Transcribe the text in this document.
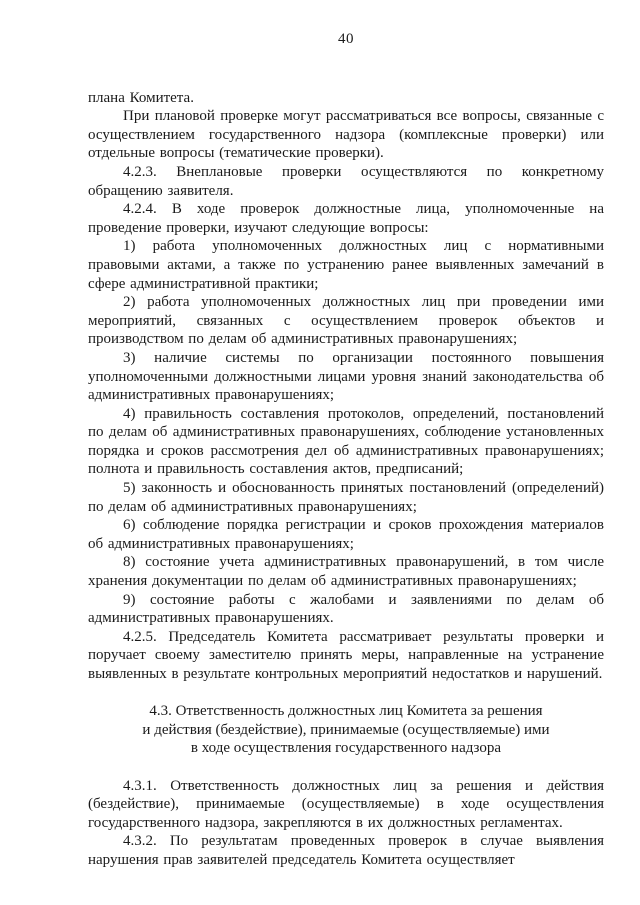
40

плана Комитета.

При плановой проверке могут рассматриваться все вопросы, связанные с осуществлением государственного надзора (комплексные проверки) или отдельные вопросы (тематические проверки).

4.2.3. Внеплановые проверки осуществляются по конкретному обращению заявителя.

4.2.4. В ходе проверок должностные лица, уполномоченные на проведение проверки, изучают следующие вопросы:

1) работа уполномоченных должностных лиц с нормативными правовыми актами, а также по устранению ранее выявленных замечаний в сфере административной практики;

2) работа уполномоченных должностных лиц при проведении ими мероприятий, связанных с осуществлением проверок объектов и производством по делам об административных правонарушениях;

3) наличие системы по организации постоянного повышения уполномоченными должностными лицами уровня знаний законодательства об административных правонарушениях;

4) правильность составления протоколов, определений, постановлений по делам об административных правонарушениях, соблюдение установленных порядка и сроков рассмотрения дел об административных правонарушениях; полнота и правильность составления актов, предписаний;

5) законность и обоснованность принятых постановлений (определений) по делам об административных правонарушениях;

6) соблюдение порядка регистрации и сроков прохождения материалов об административных правонарушениях;

8) состояние учета административных правонарушений, в том числе хранения документации по делам об административных правонарушениях;

9) состояние работы с жалобами и заявлениями по делам об административных правонарушениях.

4.2.5. Председатель Комитета рассматривает результаты проверки и поручает своему заместителю принять меры, направленные на устранение выявленных в результате контрольных мероприятий недостатков и нарушений.

4.3. Ответственность должностных лиц Комитета за решения
и действия (бездействие), принимаемые (осуществляемые) ими
в ходе осуществления государственного надзора

4.3.1. Ответственность должностных лиц за решения и действия (бездействие), принимаемые (осуществляемые) в ходе осуществления государственного надзора, закрепляются в их должностных регламентах.

4.3.2. По результатам проведенных проверок в случае выявления нарушения прав заявителей председатель Комитета осуществляет
